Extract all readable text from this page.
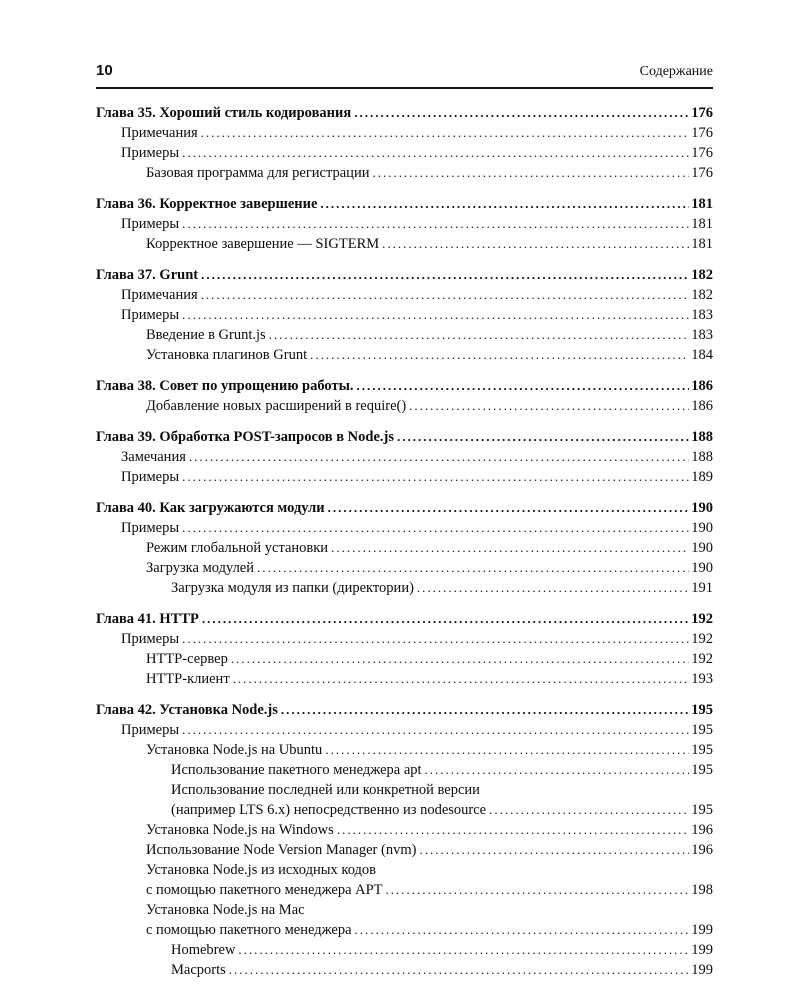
10	Содержание
Глава 35. Хороший стиль кодирования .....	176
Примечания .....	176
Примеры .....	176
Базовая программа для регистрации .....	176
Глава 36. Корректное завершение .....	181
Примеры .....	181
Корректное завершение — SIGTERM .....	181
Глава 37. Grunt .....	182
Примечания .....	182
Примеры .....	183
Введение в Grunt.js .....	183
Установка плагинов Grunt .....	184
Глава 38. Совет по упрощению работы. .....	186
Добавление новых расширений в require() .....	186
Глава 39. Обработка POST-запросов в Node.js .....	188
Замечания .....	188
Примеры .....	189
Глава 40. Как загружаются модули .....	190
Примеры .....	190
Режим глобальной установки .....	190
Загрузка модулей .....	190
Загрузка модуля из папки (директории) .....	191
Глава 41. HTTP .....	192
Примеры .....	192
HTTP-сервер .....	192
HTTP-клиент .....	193
Глава 42. Установка Node.js .....	195
Примеры .....	195
Установка Node.js на Ubuntu .....	195
Использование пакетного менеджера apt .....	195
Использование последней или конкретной версии
(например LTS 6.x) непосредственно из nodesource .....	195
Установка Node.js на Windows .....	196
Использование Node Version Manager (nvm) .....	196
Установка Node.js из исходных кодов
с помощью пакетного менеджера APT .....	198
Установка Node.js на Mac
с помощью пакетного менеджера .....	199
Homebrew .....	199
Macports .....	199
